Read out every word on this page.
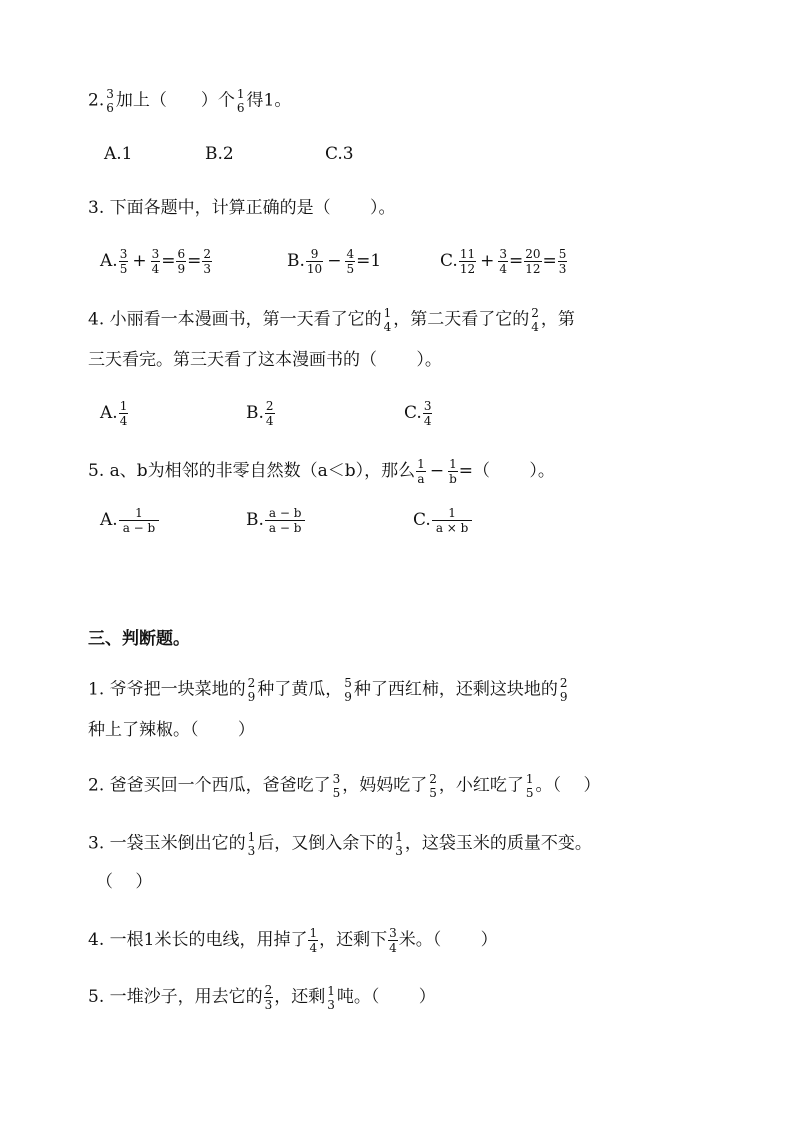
2. 3
6 加上（　　 ）个 1
6 得1。
A.1	B.2	C.3
3. 下面各题中，计算正确的是（　　 ）。
A. $\frac{3}{5} + \frac{3}{4} = \frac{6}{9} = \frac{2}{3}$	B. $\frac{9}{10} - \frac{4}{5} =1$	C. $\frac{11}{12} + \frac{3}{4} = \frac{20}{12} = \frac{5}{3}$
4. 小丽看一本漫画书，第一天看了它的 1
4 ，第二天看了它的 2
4 ，第
三天看完。第三天看了这本漫画书的（　　 ）。
A. $\frac{1}{4}$	B. $\frac{2}{4}$	C. $\frac{3}{4}$
5. a、b为相邻的非零自然数（a＜b），那么 $\frac{1}{a} - \frac{1}{b}$ =（　　 ）。
A. $\frac{1}{a - b}$	B. $\frac{a - b}{a - b}$	C. $\frac{1}{a \times b}$
三、判断题。
1. 爷爷把一块菜地的 2
9 种了黄瓜， 5
9 种了西红柿，还剩这块地的 2
9
种上了辣椒。（　　 ）
2. 爸爸买回一个西瓜，爸爸吃了 3
5 ，妈妈吃了 2
5 ，小红吃了 1
5 。（　 ）
3. 一袋玉米倒出它的 1
3 后，又倒入余下的 1
3 ，这袋玉米的质量不变。
（　 ）
4. 一根1米长的电线，用掉了 $\frac{1}{4}$ ，还剩下 $\frac{3}{4}$ 米。（　　 ）
5. 一堆沙子，用去它的 $\frac{2}{3}$ ，还剩 1
3 吨。（　　 ）
